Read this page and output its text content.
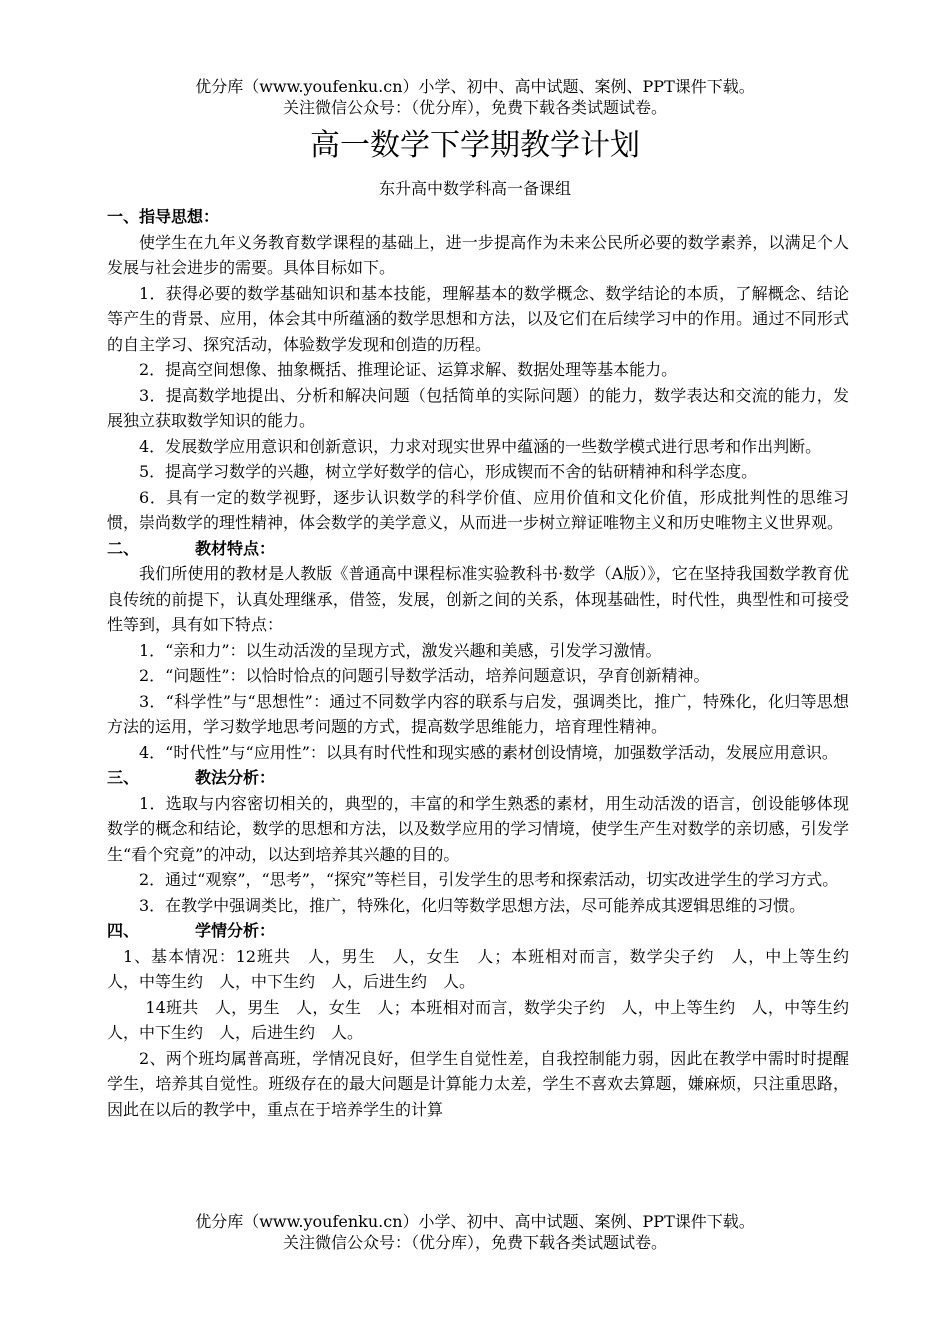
优分库（www.youfenku.cn）小学、初中、高中试题、案例、PPT课件下载。
关注微信公众号：（优分库），免费下载各类试题试卷。
高一数学下学期教学计划
东升高中数学科高一备课组

一、指导思想：

使学生在九年义务教育数学课程的基础上，进一步提高作为未来公民所必要的数学素养，以满足个人发展与社会进步的需要。具体目标如下。

1．获得必要的数学基础知识和基本技能，理解基本的数学概念、数学结论的本质，了解概念、结论等产生的背景、应用，体会其中所蕴涵的数学思想和方法，以及它们在后续学习中的作用。通过不同形式的自主学习、探究活动，体验数学发现和创造的历程。

2．提高空间想像、抽象概括、推理论证、运算求解、数据处理等基本能力。

3．提高数学地提出、分析和解决问题（包括简单的实际问题）的能力，数学表达和交流的能力，发展独立获取数学知识的能力。

4．发展数学应用意识和创新意识，力求对现实世界中蕴涵的一些数学模式进行思考和作出判断。

5．提高学习数学的兴趣，树立学好数学的信心，形成锲而不舍的钻研精神和科学态度。

6．具有一定的数学视野，逐步认识数学的科学价值、应用价值和文化价值，形成批判性的思维习惯，崇尚数学的理性精神，体会数学的美学意义，从而进一步树立辩证唯物主义和历史唯物主义世界观。

二、	教材特点：

我们所使用的教材是人教版《普通高中课程标准实验教科书·数学（A版）》，它在坚持我国数学教育优良传统的前提下，认真处理继承，借签，发展，创新之间的关系，体现基础性，时代性，典型性和可接受性等到，具有如下特点：

1．“亲和力”：以生动活泼的呈现方式，激发兴趣和美感，引发学习激情。

2．“问题性”：以恰时恰点的问题引导数学活动，培养问题意识，孕育创新精神。

3．“科学性”与“思想性”：通过不同数学内容的联系与启发，强调类比，推广，特殊化，化归等思想方法的运用，学习数学地思考问题的方式，提高数学思维能力，培育理性精神。

4．“时代性”与“应用性”：以具有时代性和现实感的素材创设情境，加强数学活动，发展应用意识。

三、	教法分析：

1．选取与内容密切相关的，典型的，丰富的和学生熟悉的素材，用生动活泼的语言，创设能够体现数学的概念和结论，数学的思想和方法，以及数学应用的学习情境，使学生产生对数学的亲切感，引发学生“看个究竟”的冲动，以达到培养其兴趣的目的。

2．通过“观察”，“思考”，“探究”等栏目，引发学生的思考和探索活动，切实改进学生的学习方式。

3．在教学中强调类比，推广，特殊化，化归等数学思想方法，尽可能养成其逻辑思维的习惯。

四、	学情分析：

1、基本情况：12班共　人，男生　人，女生　人；本班相对而言，数学尖子约　人，中上等生约　人，中等生约　人，中下生约　人，后进生约　人。

14班共　人，男生　人，女生　人；本班相对而言，数学尖子约　人，中上等生约　人，中等生约　人，中下生约　人，后进生约　人。

2、两个班均属普高班，学情况良好，但学生自觉性差，自我控制能力弱，因此在教学中需时时提醒学生，培养其自觉性。班级存在的最大问题是计算能力太差，学生不喜欢去算题，嫌麻烦，只注重思路，因此在以后的教学中，重点在于培养学生的计算

优分库（www.youfenku.cn）小学、初中、高中试题、案例、PPT课件下载。
关注微信公众号：（优分库），免费下载各类试题试卷。
